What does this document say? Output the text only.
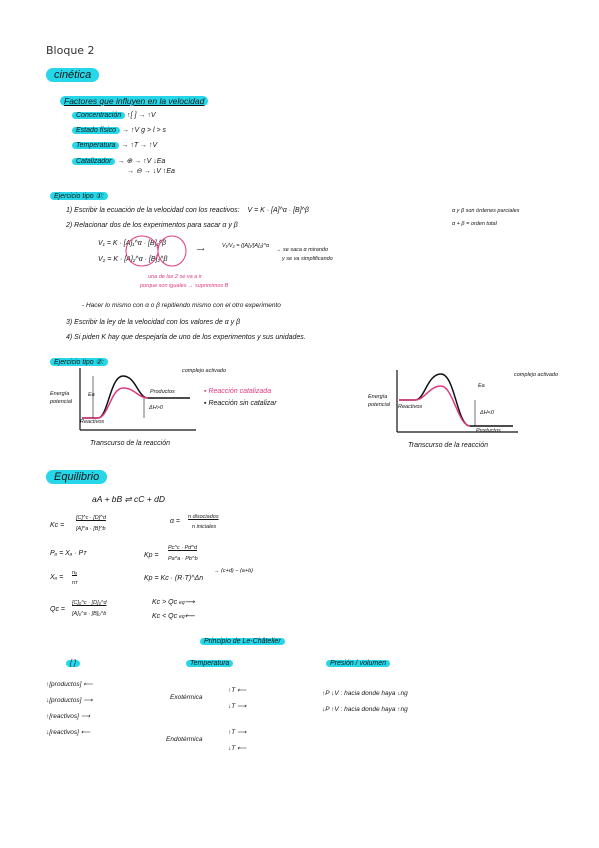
Bloque 2
cinética
Factores que influyen en la velocidad
Concentración ↑[ ] → ↑V
Estado físico → ↑V g > l > s
Temperatura → ↑T → ↑V
Catalizador → ⊕ → ↑V ↓Ea
→ ⊖ → ↓V ↑Ea
Ejercicio tipo ①:
1) Escribir la ecuación de la velocidad con los reactivos: V = K · [A]^α · [B]^β	α y β son órdenes parciales
α + β = orden total
2) Relacionar dos de los experimentos para sacar α y β
V₁ = K · [A]₁^α · [B]₁^β
V₂ = K · [A]₂^α · [B]₂^β
⟶
V₁/V₂ = ([A]₁/[A]₂)^α
→ se saca α mirando
y se va simplificando
una de las 2 se va a ir
porque son iguales → suprimimos B
- Hacer lo mismo con α o β repitiendo mismo con el otro experimento
3) Escribir la ley de la velocidad con los valores de α y β
4) Si piden K hay que despejarla de uno de los experimentos y sus unidades.
Ejercicio tipo ②:
Energía
potencial
Reactivos
Productos
Ea
ΔH>0
complejo activado
Transcurso de la reacción
▪ Reacción catalizada
▪ Reacción sin catalizar
Energía
potencial Reactivos
Productos
Ea
ΔH<0
complejo activado
Transcurso de la reacción
Equilibrio
aA + bB ⇌ cC + dD
Kc =
[C]^c · [D]^d
[A]^a · [B]^b
α =
n disociados
n iniciales
Pₐ = Xₐ · Pᴛ	Kp =
Pc^c · Pd^d
Pa^a · Pb^b
Xₐ =
nₐ
nᴛ
Kp = Kc · (R·T)^Δn
→ (c+d) − (a+b)
Qc =
[C]₀^c · [D]₀^d
[A]₀^a · [B]₀^b
Kc > Qc eq⟶
Kc < Qc eq⟵
Principio de Le-Châtelier
[ ]	Temperatura	Presión / volumen
↑[productos] ⟵
↓[productos] ⟶
↑[reactivos] ⟶
↓[reactivos] ⟵
Exotérmica
↑T ⟵
↓T ⟶
Endotérmica
↑T ⟶
↓T ⟵
↑P ↓V : hacia donde haya ↓ng
↓P ↑V : hacia donde haya ↑ng
